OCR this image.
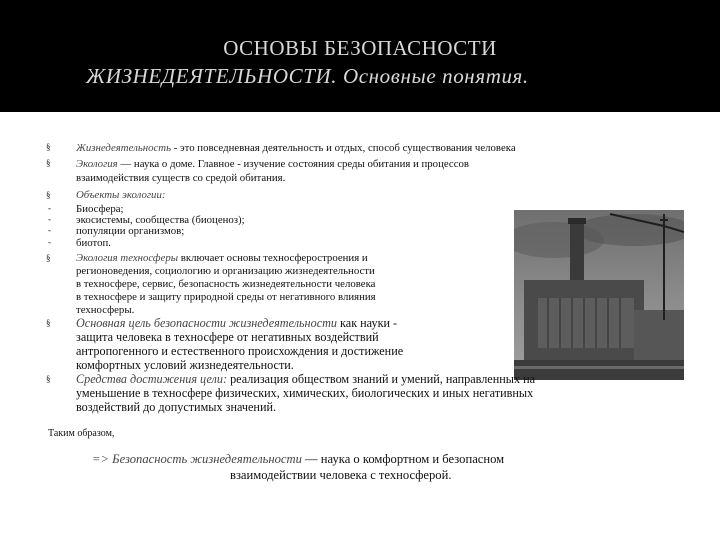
ОСНОВЫ БЕЗОПАСНОСТИ
ЖИЗНЕДЕЯТЕЛЬНОСТИ. Основные понятия.
§
§
§
-
-
-
-
§
§
§
Жизнедеятельность - это повседневная деятельность и отдых, способ существования человека
Экология — наука о доме. Главное - изучение состояния среды обитания и процессов
взаимодействия существ со средой обитания.
Объекты экологии:
Биосфера;
экосистемы, сообщества (биоценоз);
популяции организмов;
биотоп.
Экология техносферы включает основы техносферостроения и
регионоведения, социологию и организацию жизнедеятельности
в техносфере, сервис, безопасность жизнедеятельности человека
в техносфере и защиту природной среды от негативного влияния
техносферы.
Основная цель безопасности жизнедеятельности как науки -
защита человека в техносфере от негативных воздействий
антропогенного и естественного происхождения и достижение
комфортных условий жизнедеятельности.
Средства достижения цели: реализация обществом знаний и умений, направленных на
уменьшение в техносфере физических, химических, биологических и иных негативных
воздействий до допустимых значений.
Таким образом,
=> Безопасность жизнедеятельности — наука о комфортном и безопасном
взаимодействии человека с техносферой.
